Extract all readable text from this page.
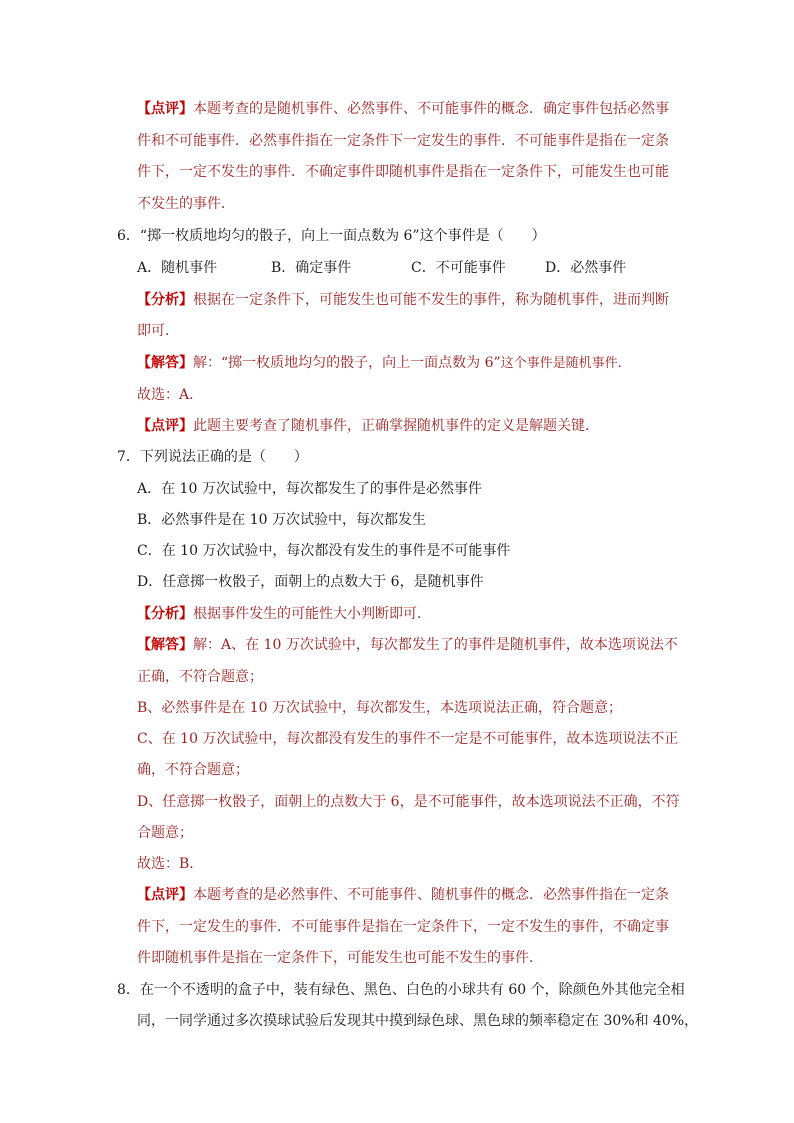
【点评】本题考查的是随机事件、必然事件、不可能事件的概念．确定事件包括必然事
件和不可能事件．必然事件指在一定条件下一定发生的事件．不可能事件是指在一定条
件下，一定不发生的事件．不确定事件即随机事件是指在一定条件下，可能发生也可能
不发生的事件．
6．“掷一枚质地均匀的骰子，向上一面点数为 6”这个事件是（　　）
A．随机事件	B．确定事件	C．不可能事件	D．必然事件
【分析】根据在一定条件下，可能发生也可能不发生的事件，称为随机事件，进而判断
即可．
【解答】解：“掷一枚质地均匀的骰子，向上一面点数为 6”这个事件是随机事件.
故选：A．
【点评】此题主要考查了随机事件，正确掌握随机事件的定义是解题关键．
7．下列说法正确的是（　　）
A．在 10 万次试验中，每次都发生了的事件是必然事件
B．必然事件是在 10 万次试验中，每次都发生
C．在 10 万次试验中，每次都没有发生的事件是不可能事件
D．任意掷一枚骰子，面朝上的点数大于 6，是随机事件
【分析】根据事件发生的可能性大小判断即可．
【解答】解：A、在 10 万次试验中，每次都发生了的事件是随机事件，故本选项说法不
正确，不符合题意；
B、必然事件是在 10 万次试验中，每次都发生，本选项说法正确，符合题意；
C、在 10 万次试验中，每次都没有发生的事件不一定是不可能事件，故本选项说法不正
确，不符合题意；
D、任意掷一枚骰子，面朝上的点数大于 6，是不可能事件，故本选项说法不正确，不符
合题意；
故选：B．
【点评】本题考查的是必然事件、不可能事件、随机事件的概念．必然事件指在一定条
件下，一定发生的事件．不可能事件是指在一定条件下，一定不发生的事件，不确定事
件即随机事件是指在一定条件下，可能发生也可能不发生的事件．
8．在一个不透明的盒子中，装有绿色、黑色、白色的小球共有 60 个，除颜色外其他完全相
同，一同学通过多次摸球试验后发现其中摸到绿色球、黑色球的频率稳定在 30%和 40%，
